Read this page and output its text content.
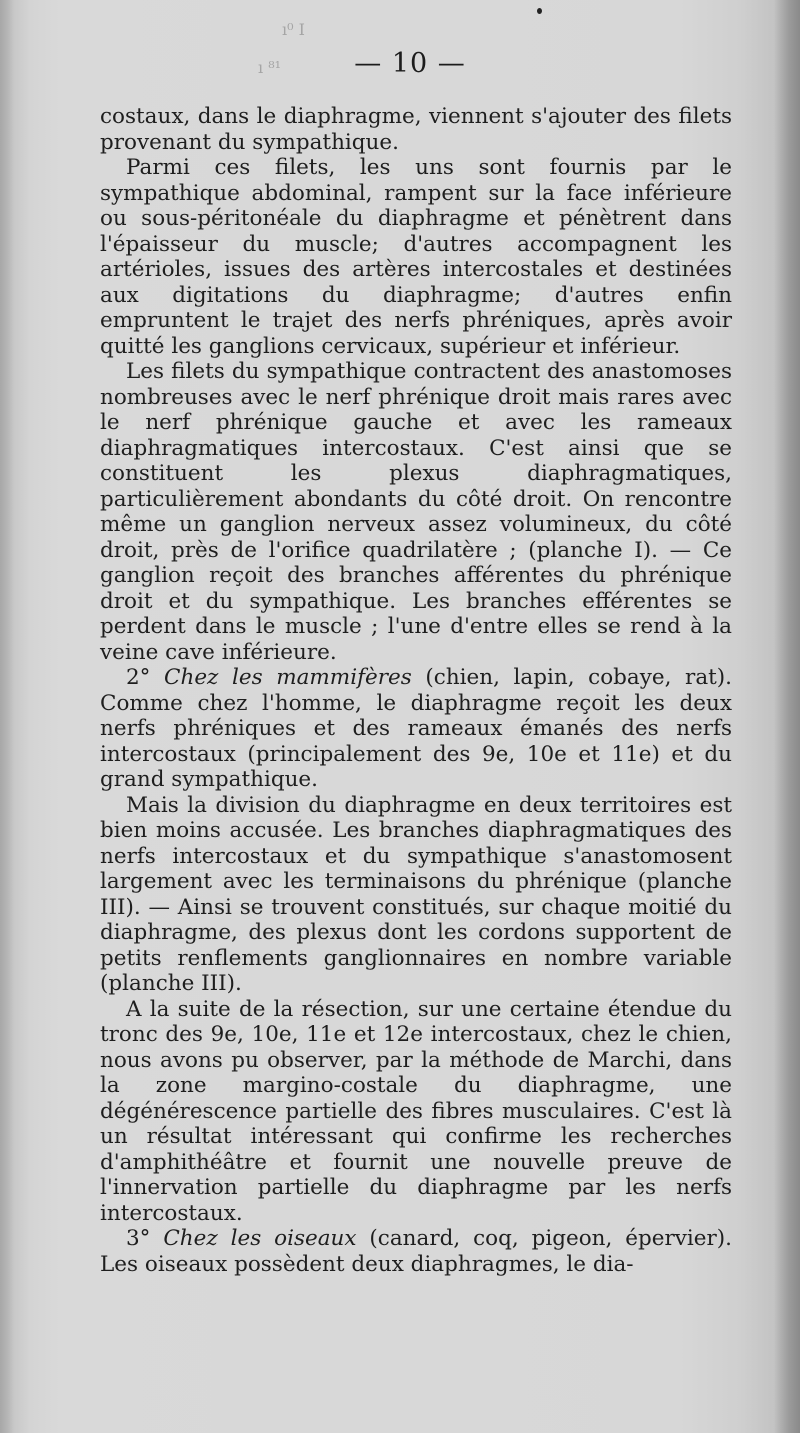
ı⁰ I
ı ⁸¹	— 10 —

costaux, dans le diaphragme, viennent s'ajouter des filets provenant du sympathique.

Parmi ces filets, les uns sont fournis par le sympathique abdominal, rampent sur la face inférieure ou sous-péritonéale du diaphragme et pénètrent dans l'épaisseur du muscle; d'autres accompagnent les artérioles, issues des artères intercostales et destinées aux digitations du diaphragme; d'autres enfin empruntent le trajet des nerfs phréniques, après avoir quitté les ganglions cervicaux, supérieur et inférieur.

Les filets du sympathique contractent des anastomoses nombreuses avec le nerf phrénique droit mais rares avec le nerf phrénique gauche et avec les rameaux diaphragmatiques intercostaux. C'est ainsi que se constituent les plexus diaphragmatiques, particulièrement abondants du côté droit. On rencontre même un ganglion nerveux assez volumineux, du côté droit, près de l'orifice quadrilatère ; (planche I). — Ce ganglion reçoit des branches afférentes du phrénique droit et du sympathique. Les branches efférentes se perdent dans le muscle ; l'une d'entre elles se rend à la veine cave inférieure.

2° Chez les mammifères (chien, lapin, cobaye, rat). Comme chez l'homme, le diaphragme reçoit les deux nerfs phréniques et des rameaux émanés des nerfs intercostaux (principalement des 9e, 10e et 11e) et du grand sympathique.

Mais la division du diaphragme en deux territoires est bien moins accusée. Les branches diaphragmatiques des nerfs intercostaux et du sympathique s'anastomosent largement avec les terminaisons du phrénique (planche III). — Ainsi se trouvent constitués, sur chaque moitié du diaphragme, des plexus dont les cordons supportent de petits renflements ganglionnaires en nombre variable (planche III).

A la suite de la résection, sur une certaine étendue du tronc des 9e, 10e, 11e et 12e intercostaux, chez le chien, nous avons pu observer, par la méthode de Marchi, dans la zone margino-costale du diaphragme, une dégénérescence partielle des fibres musculaires. C'est là un résultat intéressant qui confirme les recherches d'amphithéâtre et fournit une nouvelle preuve de l'innervation partielle du diaphragme par les nerfs intercostaux.

3° Chez les oiseaux (canard, coq, pigeon, épervier). Les oiseaux possèdent deux diaphragmes, le dia-
